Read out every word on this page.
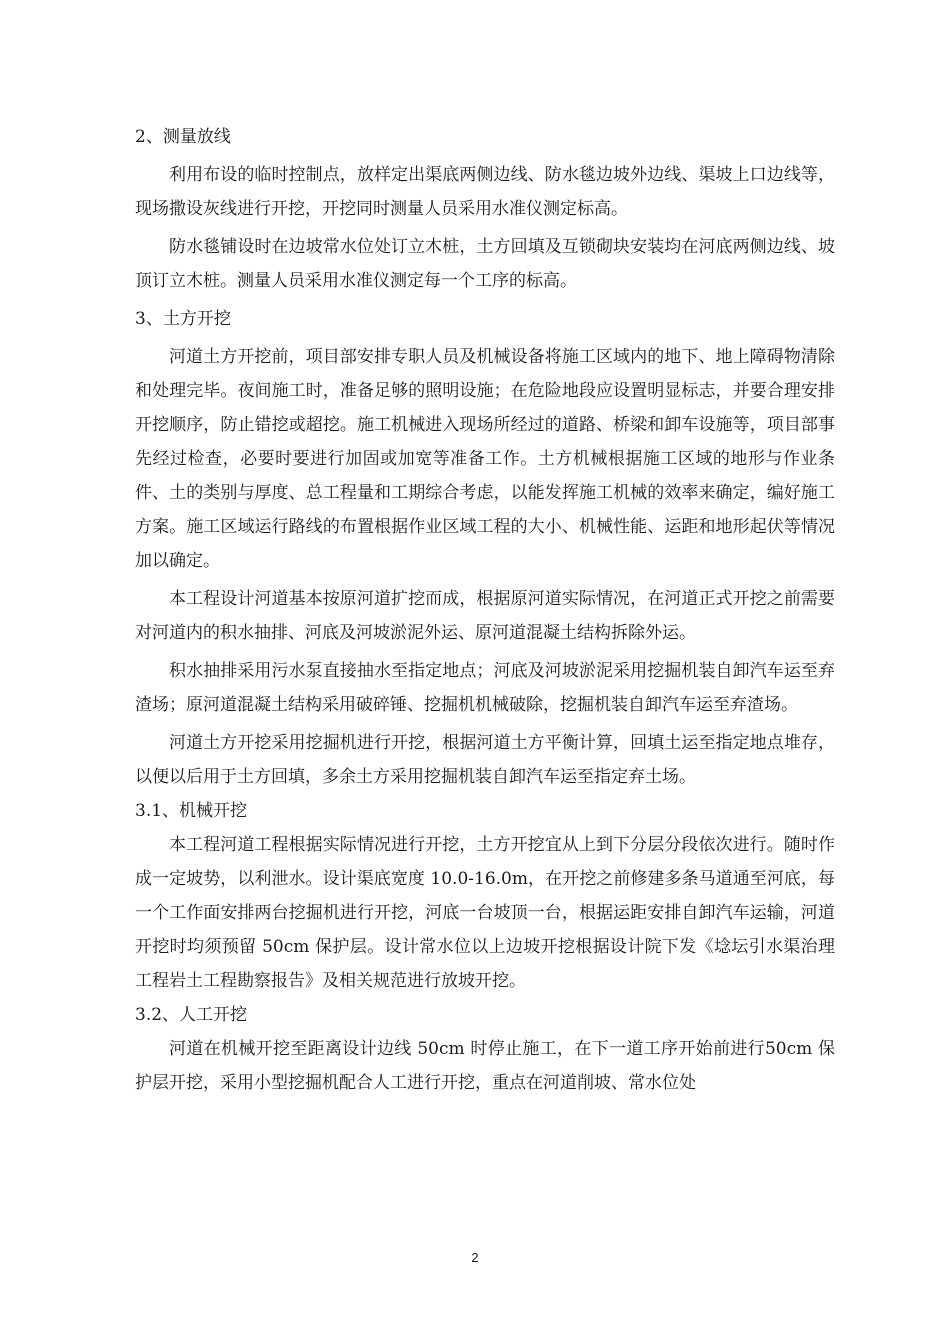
2、测量放线
利用布设的临时控制点，放样定出渠底两侧边线、防水毯边坡外边线、渠坡上口边线等，现场撒设灰线进行开挖，开挖同时测量人员采用水准仪测定标高。
防水毯铺设时在边坡常水位处订立木桩，土方回填及互锁砌块安装均在河底两侧边线、坡顶订立木桩。测量人员采用水准仪测定每一个工序的标高。
3、土方开挖
河道土方开挖前，项目部安排专职人员及机械设备将施工区域内的地下、地上障碍物清除和处理完毕。夜间施工时，准备足够的照明设施；在危险地段应设置明显标志，并要合理安排开挖顺序，防止错挖或超挖。施工机械进入现场所经过的道路、桥梁和卸车设施等，项目部事先经过检查，必要时要进行加固或加宽等准备工作。土方机械根据施工区域的地形与作业条件、土的类别与厚度、总工程量和工期综合考虑，以能发挥施工机械的效率来确定，编好施工方案。施工区域运行路线的布置根据作业区域工程的大小、机械性能、运距和地形起伏等情况加以确定。
本工程设计河道基本按原河道扩挖而成，根据原河道实际情况，在河道正式开挖之前需要对河道内的积水抽排、河底及河坡淤泥外运、原河道混凝土结构拆除外运。
积水抽排采用污水泵直接抽水至指定地点；河底及河坡淤泥采用挖掘机装自卸汽车运至弃渣场；原河道混凝土结构采用破碎锤、挖掘机机械破除，挖掘机装自卸汽车运至弃渣场。
河道土方开挖采用挖掘机进行开挖，根据河道土方平衡计算，回填土运至指定地点堆存，以便以后用于土方回填，多余土方采用挖掘机装自卸汽车运至指定弃土场。
3.1、机械开挖
本工程河道工程根据实际情况进行开挖，土方开挖宜从上到下分层分段依次进行。随时作成一定坡势，以利泄水。设计渠底宽度 10.0-16.0m，在开挖之前修建多条马道通至河底，每一个工作面安排两台挖掘机进行开挖，河底一台坡顶一台，根据运距安排自卸汽车运输，河道开挖时均须预留 50cm 保护层。设计常水位以上边坡开挖根据设计院下发《埝坛引水渠治理工程岩土工程勘察报告》及相关规范进行放坡开挖。
3.2、人工开挖
河道在机械开挖至距离设计边线 50cm 时停止施工，在下一道工序开始前进行50cm 保护层开挖，采用小型挖掘机配合人工进行开挖，重点在河道削坡、常水位处
2
